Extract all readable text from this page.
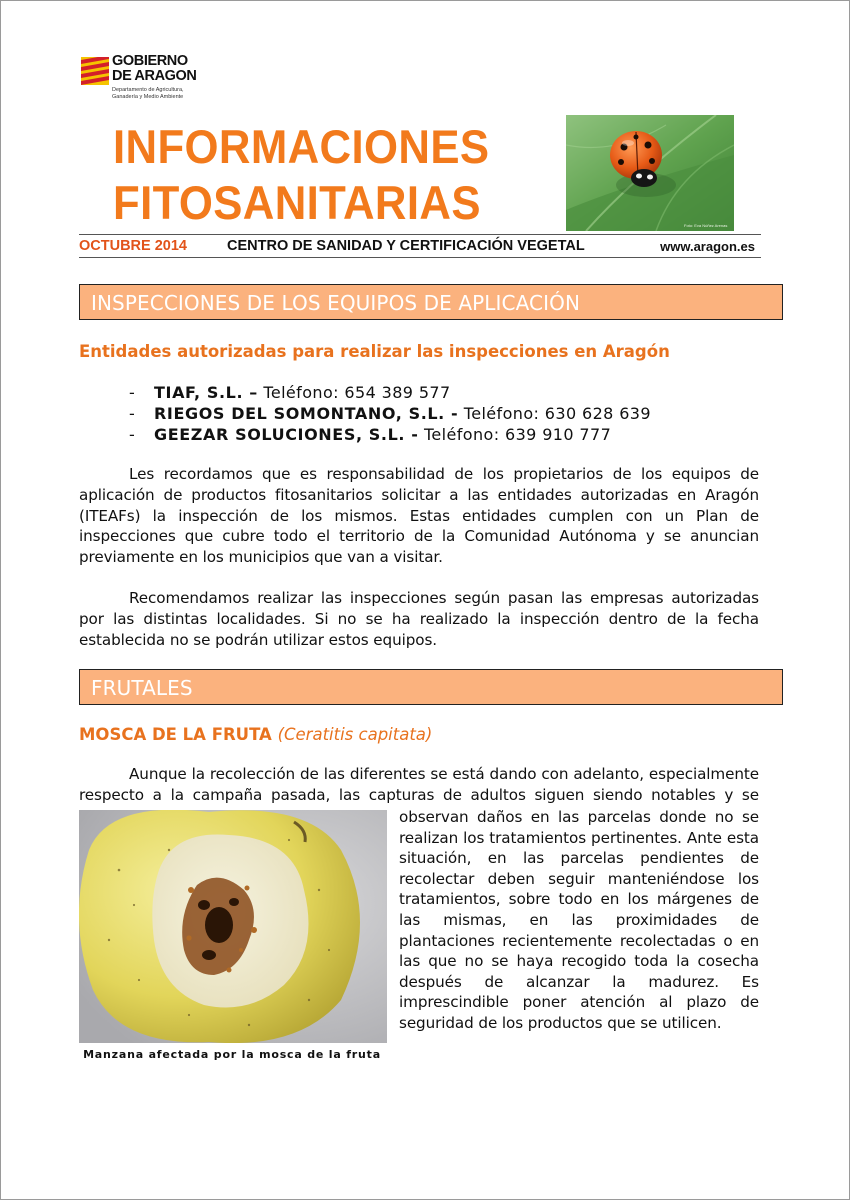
GOBIERNO
DE ARAGON
Departamento de Agricultura,
Ganadería y Medio Ambiente
INFORMACIONES
FITOSANITARIAS	Foto: Eva Núñez Arenas
OCTUBRE 2014	CENTRO DE SANIDAD Y CERTIFICACIÓN VEGETAL	www.aragon.es
INSPECCIONES DE LOS EQUIPOS DE APLICACIÓN
Entidades autorizadas para realizar las inspecciones en Aragón
- TIAF, S.L. – Teléfono: 654 389 577
- RIEGOS DEL SOMONTANO, S.L. - Teléfono: 630 628 639
- GEEZAR SOLUCIONES, S.L. - Teléfono: 639 910 777
Les recordamos que es responsabilidad de los propietarios de los equipos de aplicación de productos fitosanitarios solicitar a las entidades autorizadas en Aragón (ITEAFs) la inspección de los mismos. Estas entidades cumplen con un Plan de inspecciones que cubre todo el territorio de la Comunidad Autónoma y se anuncian previamente en los municipios que van a visitar.
Recomendamos realizar las inspecciones según pasan las empresas autorizadas por las distintas localidades. Si no se ha realizado la inspección dentro de la fecha establecida no se podrán utilizar estos equipos.
FRUTALES
MOSCA DE LA FRUTA (Ceratitis capitata)
Aunque la recolección de las diferentes se está dando con adelanto, especialmente respecto a la campaña pasada, las capturas de adultos siguen siendo notables y se
Manzana afectada por la mosca de la fruta
observan daños en las parcelas donde no se realizan los tratamientos pertinentes. Ante esta situación, en las parcelas pendientes de recolectar deben seguir manteniéndose los tratamientos, sobre todo en los márgenes de las mismas, en las proximidades de plantaciones recientemente recolectadas o en las que no se haya recogido toda la cosecha después de alcanzar la madurez. Es imprescindible poner atención al plazo de seguridad de los productos que se utilicen.
